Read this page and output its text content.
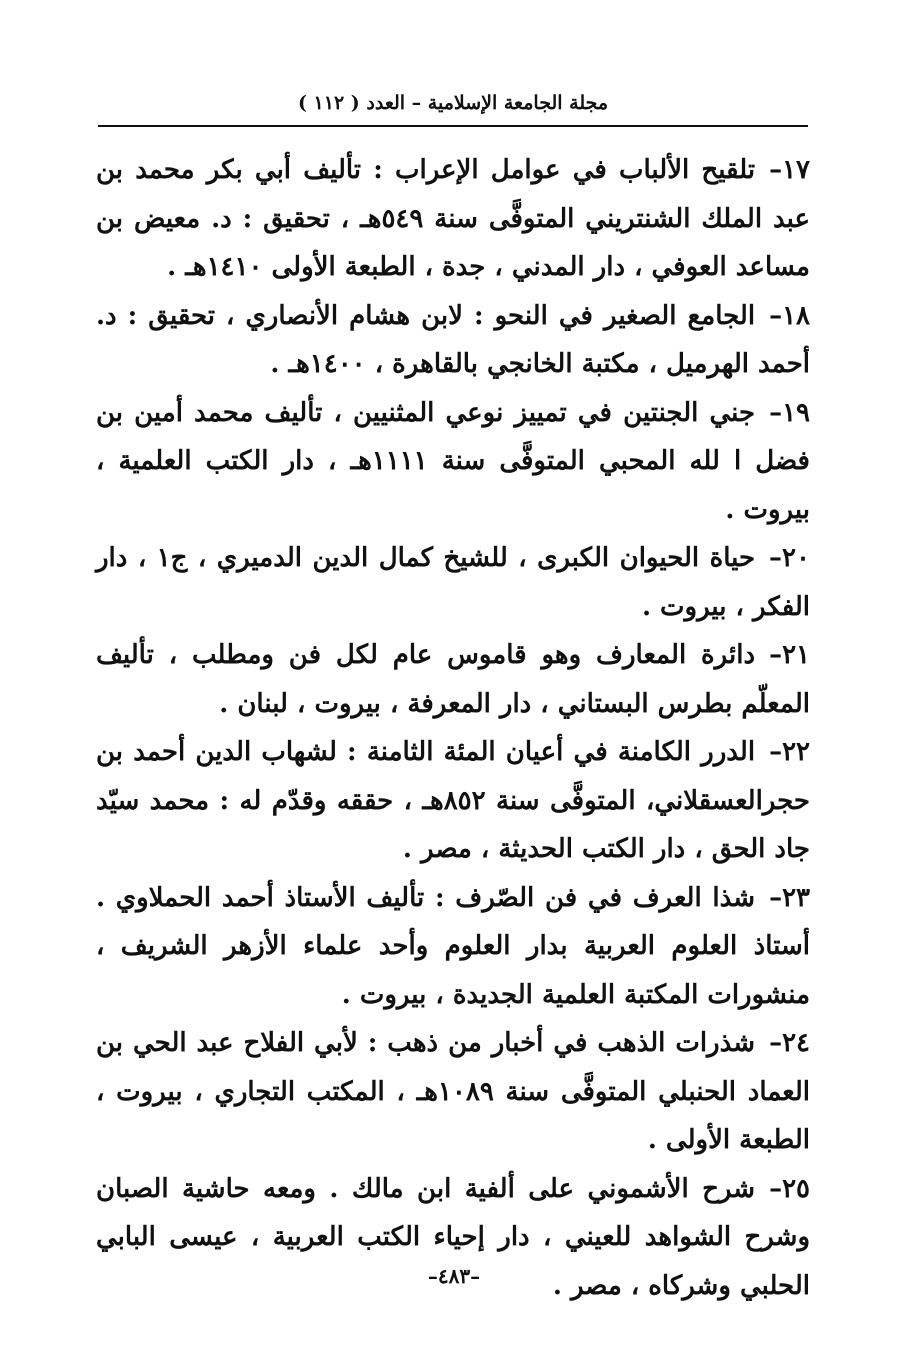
مجلة الجامعة الإسلامية – العدد ( ١١٢ )

١٧–تلقيح الألباب في عوامل الإعراب : تأليف أبي بكر محمد بن عبد الملك الشنتريني المتوفَّى سنة ٥٤٩هـ ، تحقيق : د. معيض بن مساعد العوفي ، دار المدني ، جدة ، الطبعة الأولى ١٤١٠هـ .

١٨–الجامع الصغير في النحو : لابن هشام الأنصاري ، تحقيق : د. أحمد الهرميل ، مكتبة الخانجي بالقاهرة ، ١٤٠٠هـ .

١٩–جني الجنتين في تمييز نوعي المثنيين ، تأليف محمد أمين بن فضل ا لله المحبي المتوفَّى سنة ١١١١هـ ، دار الكتب العلمية ، بيروت .

٢٠–حياة الحيوان الكبرى ، للشيخ كمال الدين الدميري ، ج١ ، دار الفكر ، بيروت .

٢١–دائرة المعارف وهو قاموس عام لكل فن ومطلب ، تأليف المعلّم بطرس البستاني ، دار المعرفة ، بيروت ، لبنان .

٢٢–الدرر الكامنة في أعيان المئة الثامنة : لشهاب الدين أحمد بن حجرالعسقلاني، المتوفَّى سنة ٨٥٢هـ ، حققه وقدّم له : محمد سيّد جاد الحق ، دار الكتب الحديثة ، مصر .

٢٣–شذا العرف في فن الصّرف : تأليف الأستاذ أحمد الحملاوي . أستاذ العلوم العربية بدار العلوم وأحد علماء الأزهر الشريف ، منشورات المكتبة العلمية الجديدة ، بيروت .

٢٤–شذرات الذهب في أخبار من ذهب : لأبي الفلاح عبد الحي بن العماد الحنبلي المتوفَّى سنة ١٠٨٩هـ ، المكتب التجاري ، بيروت ، الطبعة الأولى .

٢٥–شرح الأشموني على ألفية ابن مالك . ومعه حاشية الصبان وشرح الشواهد للعيني ، دار إحياء الكتب العربية ، عيسى البابي الحلبي وشركاه ، مصر .

–٤٨٣–
